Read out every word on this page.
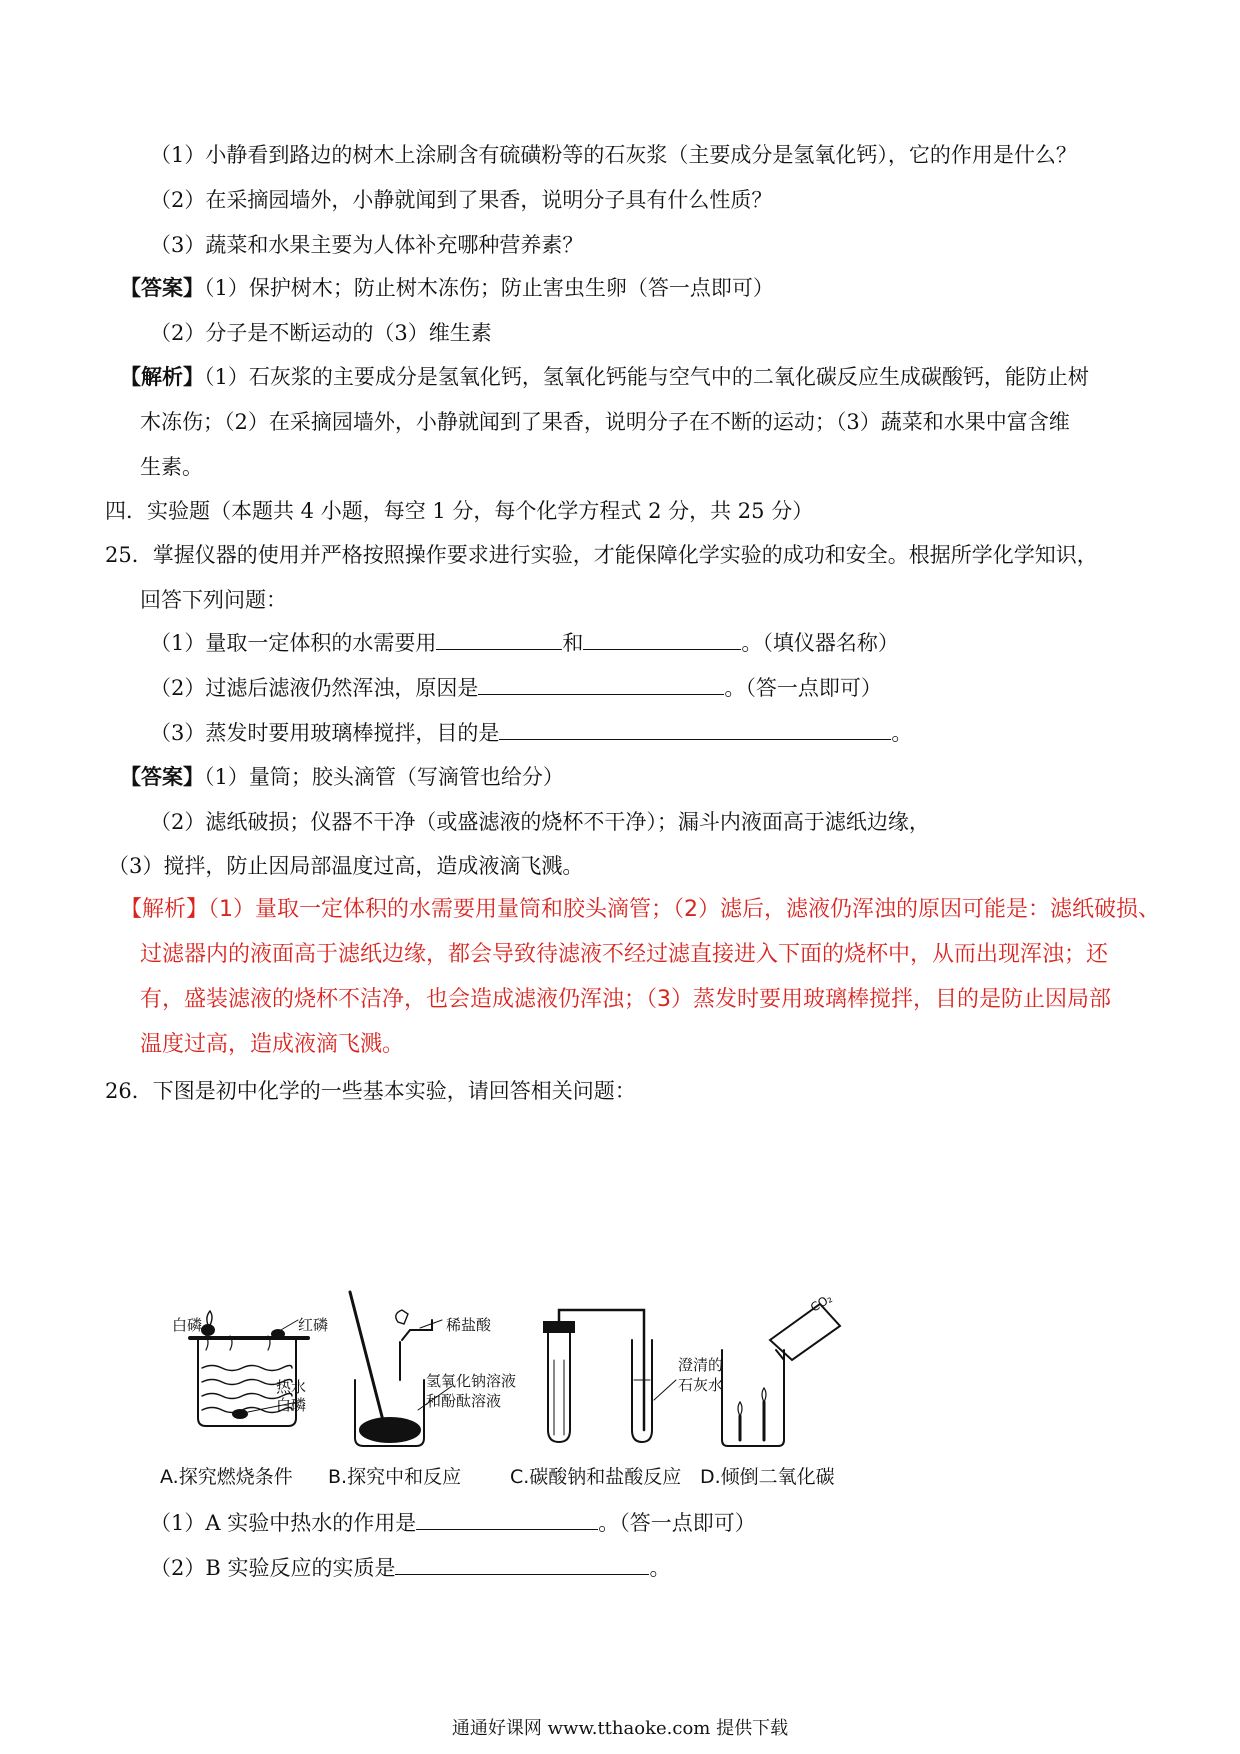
（1）小静看到路边的树木上涂刷含有硫磺粉等的石灰浆（主要成分是氢氧化钙），它的作用是什么？
（2）在采摘园墙外，小静就闻到了果香，说明分子具有什么性质？
（3）蔬菜和水果主要为人体补充哪种营养素？
【答案】（1）保护树木；防止树木冻伤；防止害虫生卵（答一点即可）
（2）分子是不断运动的（3）维生素
【解析】（1）石灰浆的主要成分是氢氧化钙，氢氧化钙能与空气中的二氧化碳反应生成碳酸钙，能防止树
木冻伤；（2）在采摘园墙外，小静就闻到了果香，说明分子在不断的运动；（3）蔬菜和水果中富含维
生素。
四．实验题（本题共 4 小题，每空 1 分，每个化学方程式 2 分，共 25 分）
25．掌握仪器的使用并严格按照操作要求进行实验，才能保障化学实验的成功和安全。根据所学化学知识，
回答下列问题：
（1）量取一定体积的水需要用	和	。（填仪器名称）
（2）过滤后滤液仍然浑浊，原因是	。（答一点即可）
（3）蒸发时要用玻璃棒搅拌，目的是	。
【答案】（1）量筒；胶头滴管（写滴管也给分）
（2）滤纸破损；仪器不干净（或盛滤液的烧杯不干净）；漏斗内液面高于滤纸边缘，
（3）搅拌，防止因局部温度过高，造成液滴飞溅。
【解析】（1）量取一定体积的水需要用量筒和胶头滴管；（2）滤后，滤液仍浑浊的原因可能是：滤纸破损、
过滤器内的液面高于滤纸边缘，都会导致待滤液不经过滤直接进入下面的烧杯中，从而出现浑浊；还
有，盛装滤液的烧杯不洁净，也会造成滤液仍浑浊；（3）蒸发时要用玻璃棒搅拌，目的是防止因局部
温度过高，造成液滴飞溅。
26．下图是初中化学的一些基本实验，请回答相关问题：
白磷	红磷
热水
白磷
稀盐酸
氢氧化钠溶液
和酚酞溶液
澄清的
石灰水
CO₂
A.探究燃烧条件 B.探究中和反应	C.碳酸钠和盐酸反应 D.倾倒二氧化碳
（1）A 实验中热水的作用是	。（答一点即可）
（2）B 实验反应的实质是	。
通通好课网 www.tthaoke.com 提供下载
